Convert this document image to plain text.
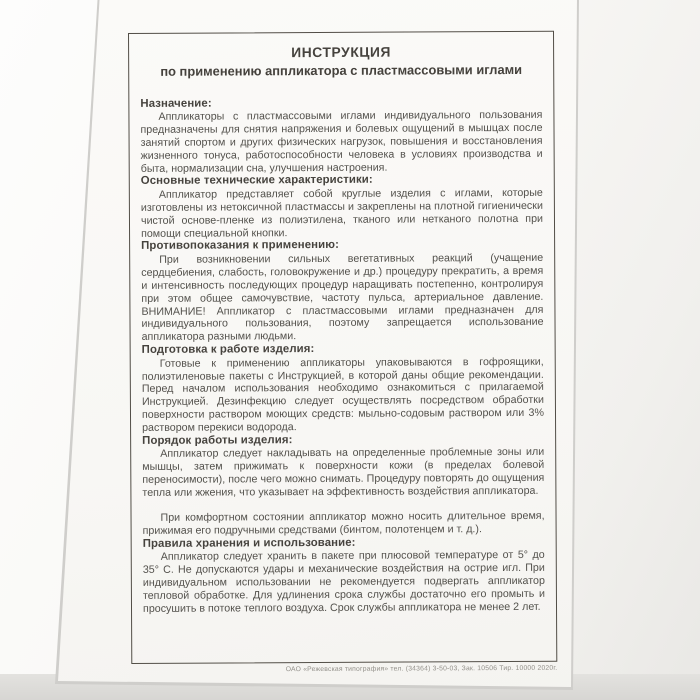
ИНСТРУКЦИЯ
по применению аппликатора с пластмассовыми иглами

Назначение:

Аппликаторы с пластмассовыми иглами индивидуального пользования предназначены для снятия напряжения и болевых ощущений в мышцах после занятий спортом и других физических нагрузок, повышения и восстановления жизненного тонуса, работоспособности человека в условиях производства и быта, нормализации сна, улучшения настроения.

Основные технические характеристики:

Аппликатор представляет собой круглые изделия с иглами, которые изготовлены из нетоксичной пластмассы и закреплены на плотной гигиенически чистой основе-пленке из полиэтилена, тканого или нетканого полотна при помощи специальной кнопки.

Противопоказания к применению:

При возникновении сильных вегетативных реакций (учащение сердцебиения, слабость, головокружение и др.) процедуру прекратить, а время и интенсивность последующих процедур наращивать постепенно, контролируя при этом общее самочувствие, частоту пульса, артериальное давление. ВНИМАНИЕ! Аппликатор с пластмассовыми иглами предназначен для индивидуального пользования, поэтому запрещается использование аппликатора разными людьми.

Подготовка к работе изделия:

Готовые к применению аппликаторы упаковываются в гофроящики, полиэтиленовые пакеты с Инструкцией, в которой даны общие рекомендации. Перед началом использования необходимо ознакомиться с прилагаемой Инструкцией. Дезинфекцию следует осуществлять посредством обработки поверхности раствором моющих средств: мыльно-содовым раствором или 3% раствором перекиси водорода.

Порядок работы изделия:

Аппликатор следует накладывать на определенные проблемные зоны или мышцы, затем прижимать к поверхности кожи (в пределах болевой переносимости), после чего можно снимать. Процедуру повторять до ощущения тепла или жжения, что указывает на эффективность воздействия аппликатора.

При комфортном состоянии аппликатор можно носить длительное время, прижимая его подручными средствами (бинтом, полотенцем и т. д.).

Правила хранения и использование:

Аппликатор следует хранить в пакете при плюсовой температуре от 5° до 35° С. Не допускаются удары и механические воздействия на острие игл. При индивидуальном использовании не рекомендуется подвергать аппликатор тепловой обработке. Для удлинения срока службы достаточно его промыть и просушить в потоке теплого воздуха. Срок службы аппликатора не менее 2 лет.

ОАО «Режевская типография» тел. (34364) 3-50-03, Зак. 10506 Тир. 10000 2020г.
